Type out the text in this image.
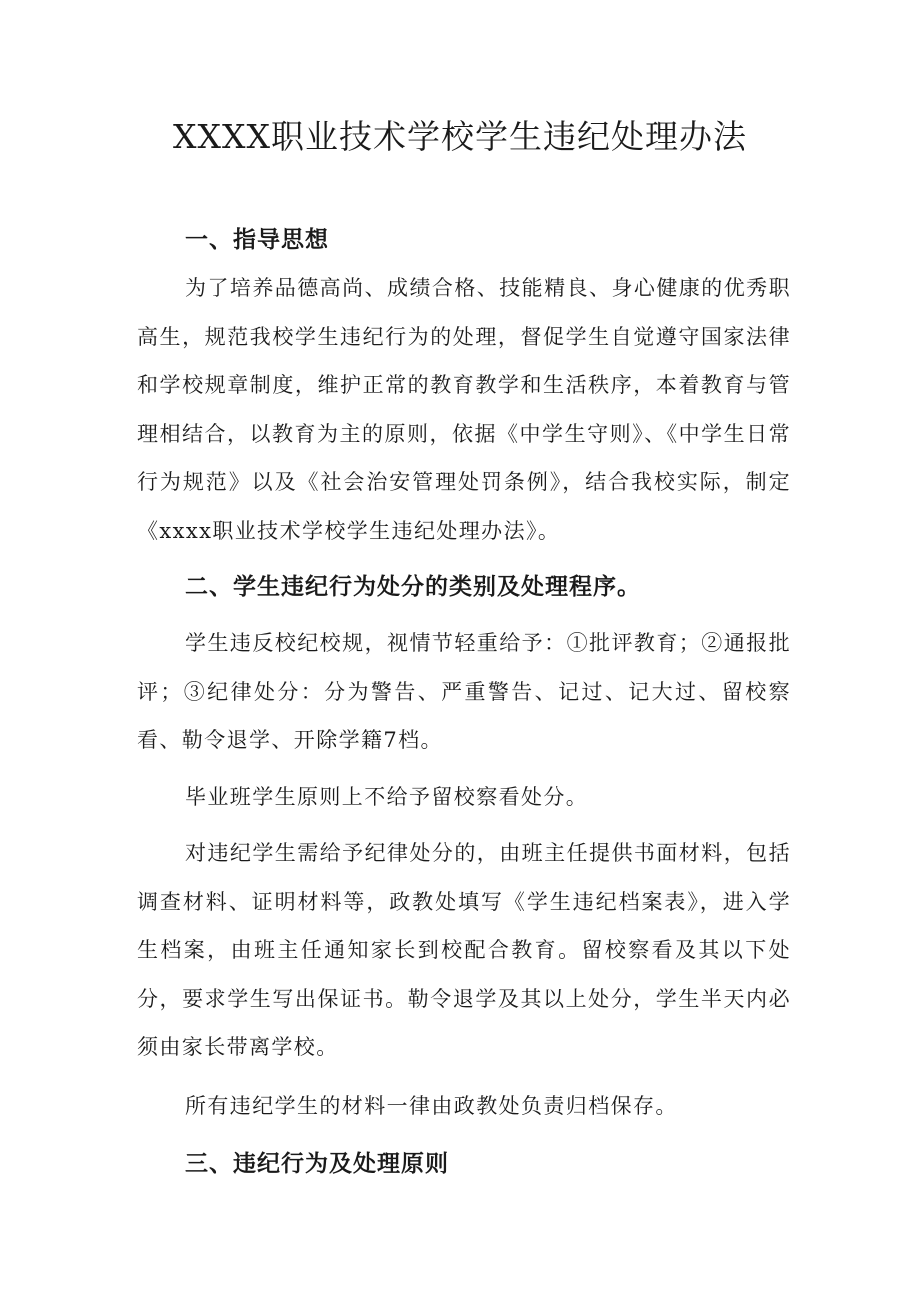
XXXX职业技术学校学生违纪处理办法
一、指导思想

为了培养品德高尚、成绩合格、技能精良、身心健康的优秀职高生，规范我校学生违纪行为的处理，督促学生自觉遵守国家法律和学校规章制度，维护正常的教育教学和生活秩序，本着教育与管理相结合，以教育为主的原则，依据《中学生守则》、《中学生日常行为规范》以及《社会治安管理处罚条例》，结合我校实际，制定《xxxx职业技术学校学生违纪处理办法》。

二、学生违纪行为处分的类别及处理程序。

学生违反校纪校规，视情节轻重给予：①批评教育；②通报批评；③纪律处分：分为警告、严重警告、记过、记大过、留校察看、勒令退学、开除学籍7档。

毕业班学生原则上不给予留校察看处分。

对违纪学生需给予纪律处分的，由班主任提供书面材料，包括调查材料、证明材料等，政教处填写《学生违纪档案表》，进入学生档案，由班主任通知家长到校配合教育。留校察看及其以下处分，要求学生写出保证书。勒令退学及其以上处分，学生半天内必须由家长带离学校。

所有违纪学生的材料一律由政教处负责归档保存。

三、违纪行为及处理原则
